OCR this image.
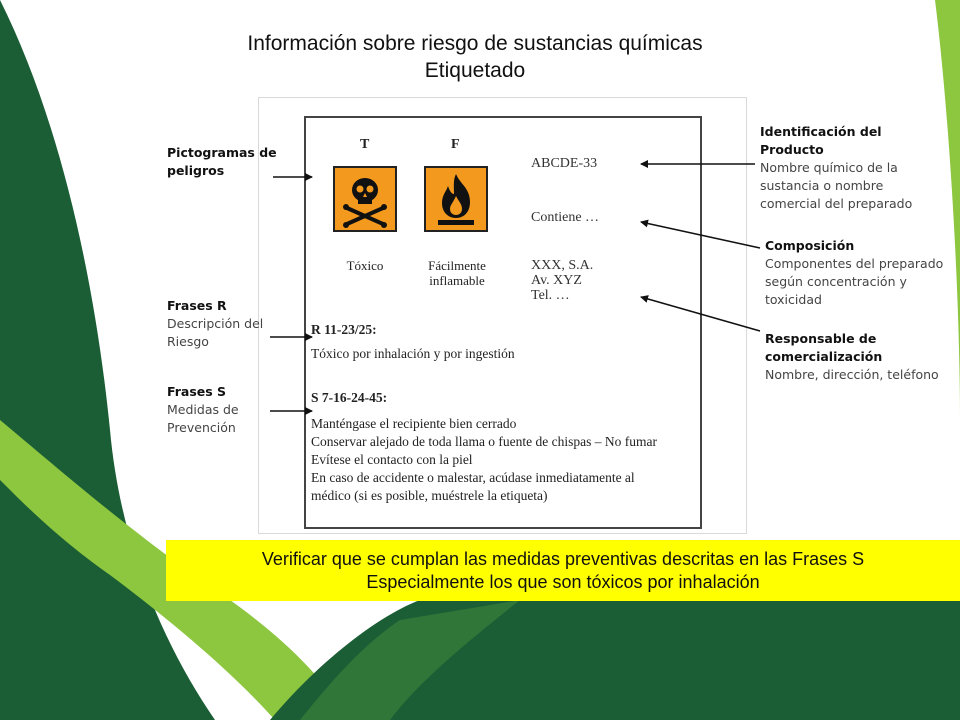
Información sobre riesgo de sustancias químicas
Etiquetado
T	F
Tóxico	Fácilmente
inflamable
ABCDE-33
Contiene …
XXX, S.A.
Av. XYZ
Tel. …
R 11-23/25:
Tóxico por inhalación y por ingestión
S 7-16-24-45:
Manténgase el recipiente bien cerrado
Conservar alejado de toda llama o fuente de chispas – No fumar
Evítese el contacto con la piel
En caso de accidente o malestar, acúdase inmediatamente al
médico (si es posible, muéstrele la etiqueta)
Pictogramas de
peligros
Frases R
Descripción del
Riesgo
Frases S
Medidas de
Prevención
Identificación del
Producto
Nombre químico de la
sustancia o nombre
comercial del preparado
Composición
Componentes del preparado
según concentración y
toxicidad
Responsable de
comercialización
Nombre, dirección, teléfono
Verificar que se cumplan las medidas preventivas descritas en las Frases S
Especialmente los que son tóxicos por inhalación
